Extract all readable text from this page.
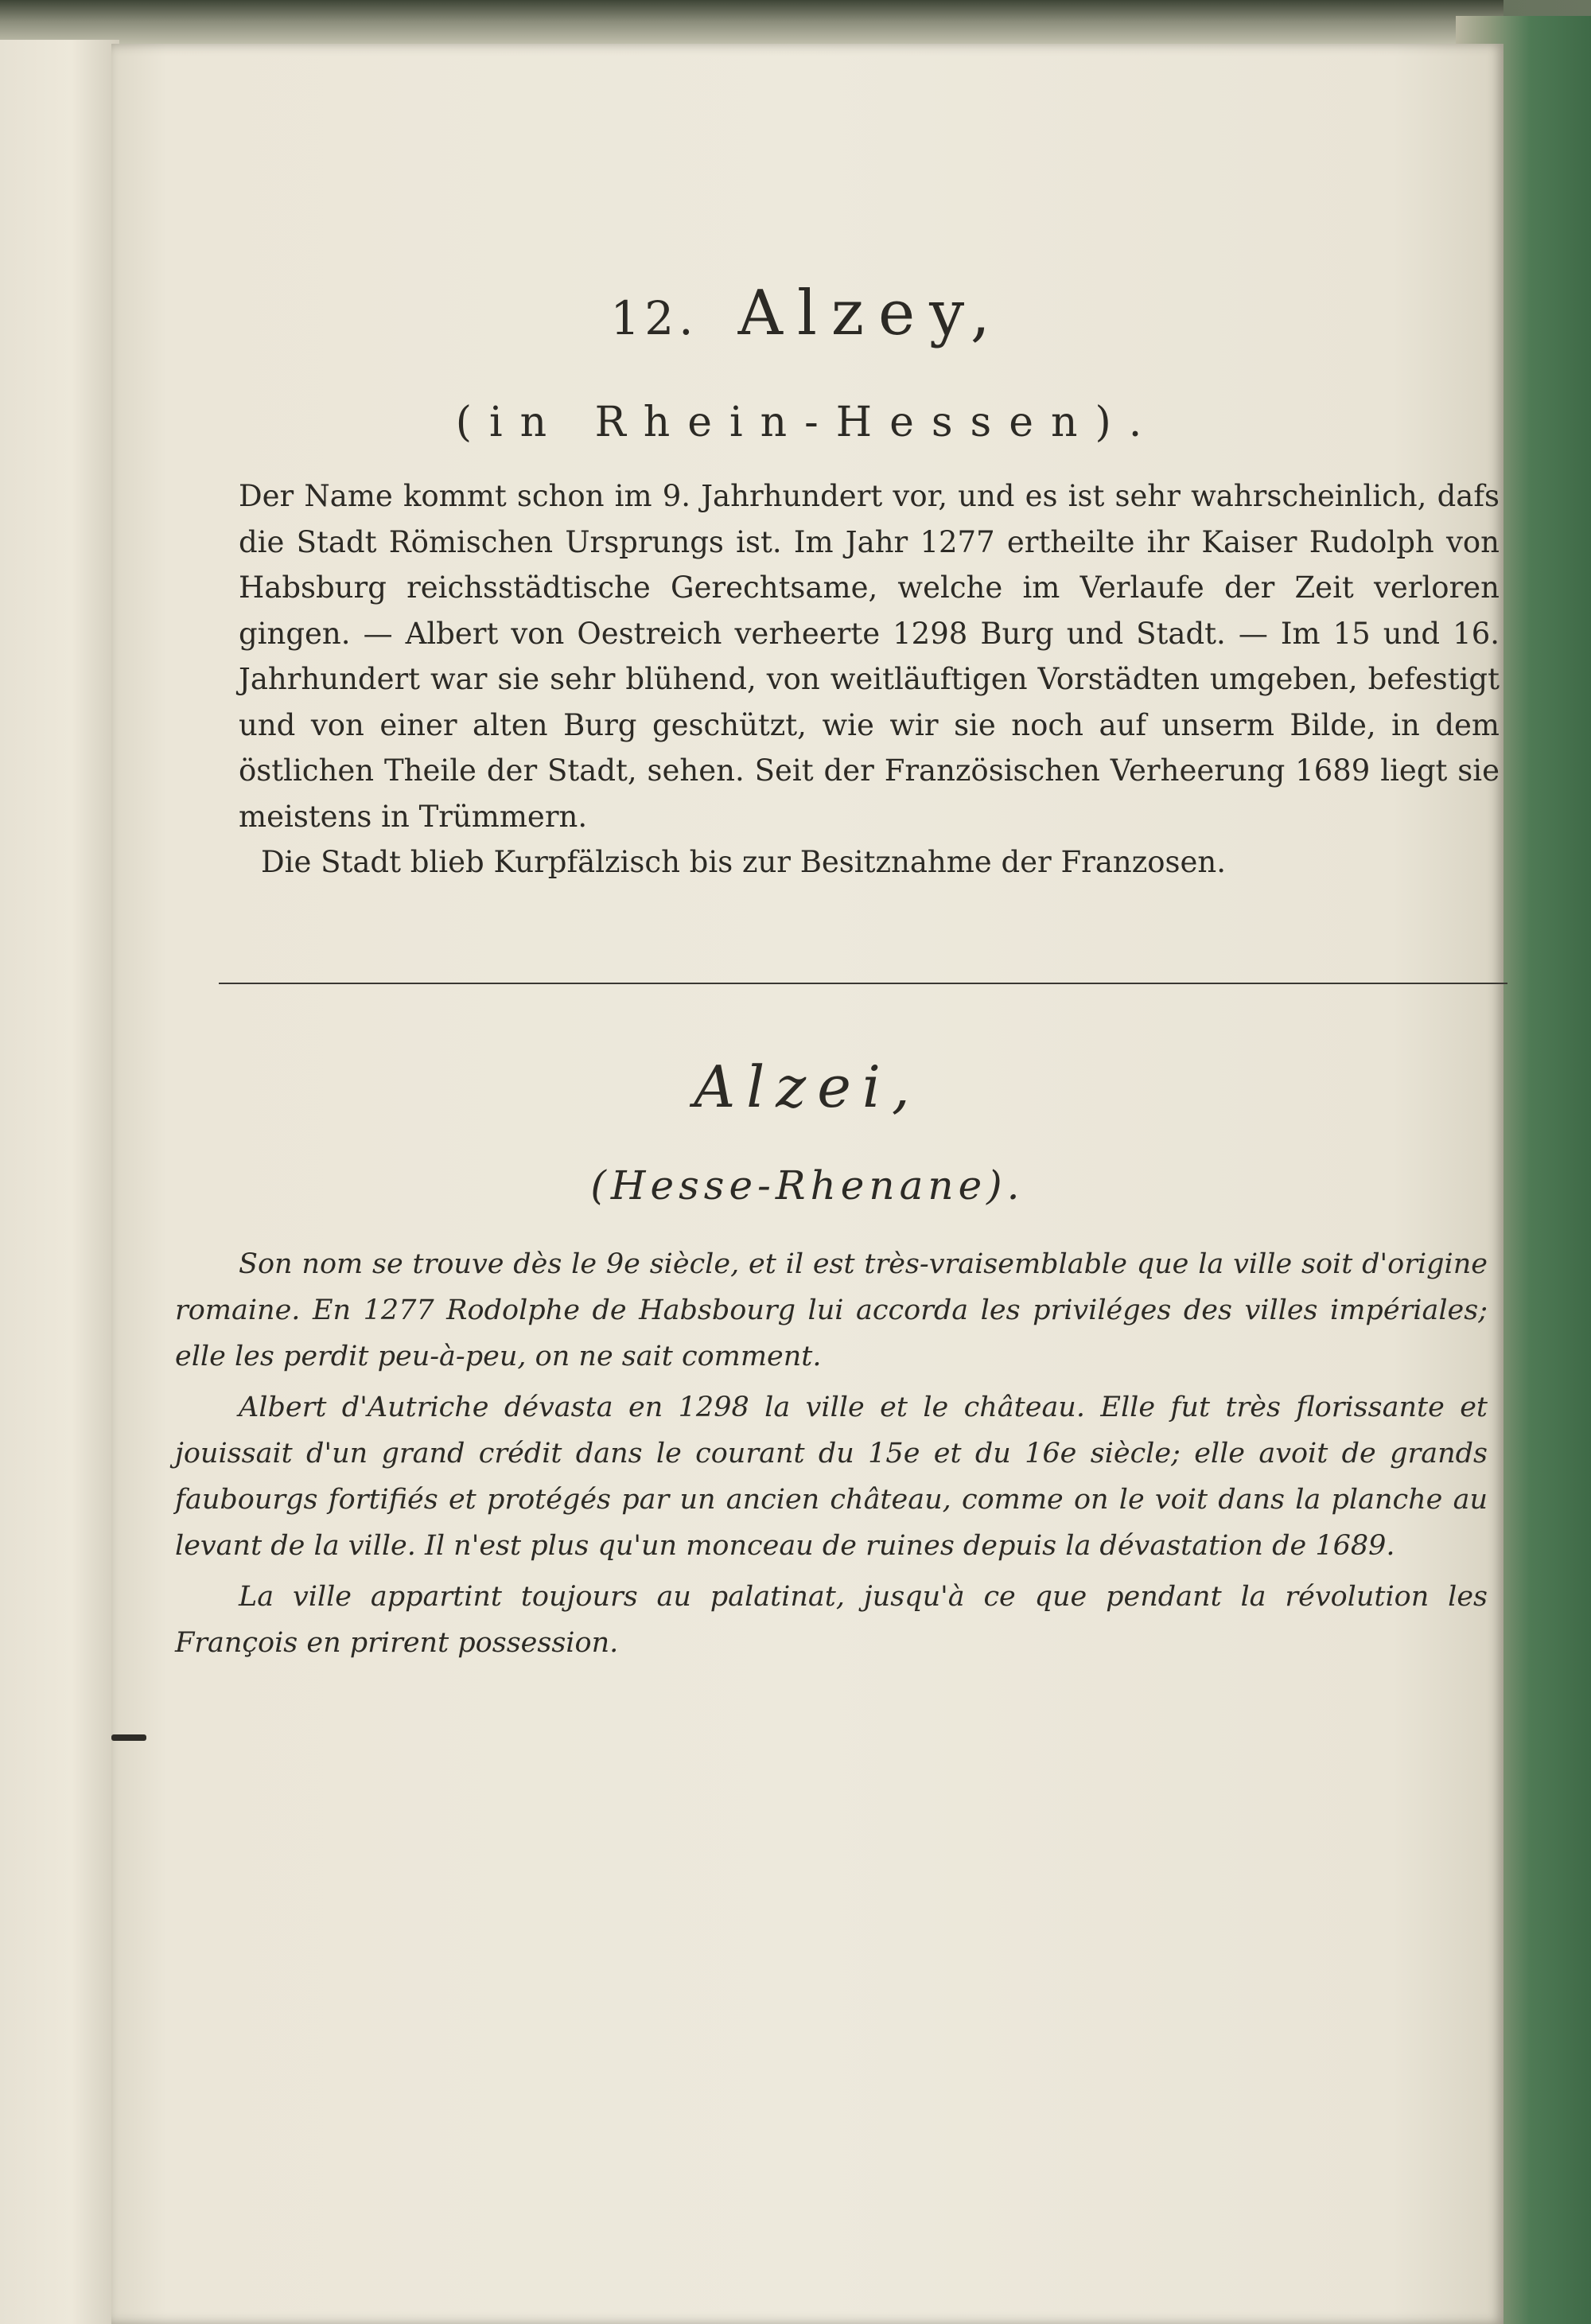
12. Alzey,
(in Rhein-Hessen).

Der Name kommt schon im 9. Jahrhundert vor, und es ist sehr wahrscheinlich, dafs die Stadt Römischen Ursprungs ist. Im Jahr 1277 ertheilte ihr Kaiser Rudolph von Habsburg reichsstädtische Gerechtsame, welche im Verlaufe der Zeit verloren gingen. — Albert von Oestreich verheerte 1298 Burg und Stadt. — Im 15 und 16. Jahrhundert war sie sehr blühend, von weitläuftigen Vorstädten umgeben, befestigt und von einer alten Burg geschützt, wie wir sie noch auf unserm Bilde, in dem östlichen Theile der Stadt, sehen. Seit der Französischen Verheerung 1689 liegt sie meistens in Trümmern.

Die Stadt blieb Kurpfälzisch bis zur Besitznahme der Franzosen.

Alzei,
(Hesse-Rhenane).

Son nom se trouve dès le 9e siècle, et il est très-vraisemblable que la ville soit d'origine romaine. En 1277 Rodolphe de Habsbourg lui accorda les priviléges des villes impériales; elle les perdit peu-à-peu, on ne sait comment.

Albert d'Autriche dévasta en 1298 la ville et le château. Elle fut très florissante et jouissait d'un grand crédit dans le courant du 15e et du 16e siècle; elle avoit de grands faubourgs fortifiés et protégés par un ancien château, comme on le voit dans la planche au levant de la ville. Il n'est plus qu'un monceau de ruines depuis la dévastation de 1689.

La ville appartint toujours au palatinat, jusqu'à ce que pendant la révolution les François en prirent possession.
